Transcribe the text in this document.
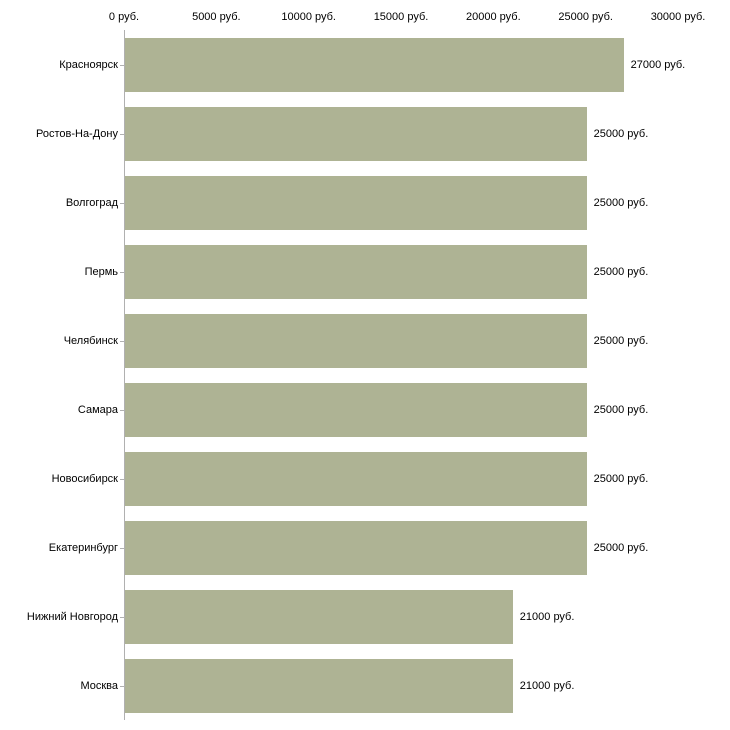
0 руб.	5000 руб.	10000 руб.	15000 руб.	20000 руб.	25000 руб.	30000 руб.
Красноярск	27000 руб.
Ростов-На-Дону	25000 руб.
Волгоград	25000 руб.
Пермь	25000 руб.
Челябинск	25000 руб.
Самара	25000 руб.
Новосибирск	25000 руб.
Екатеринбург	25000 руб.
Нижний Новгород	21000 руб.
Москва	21000 руб.
